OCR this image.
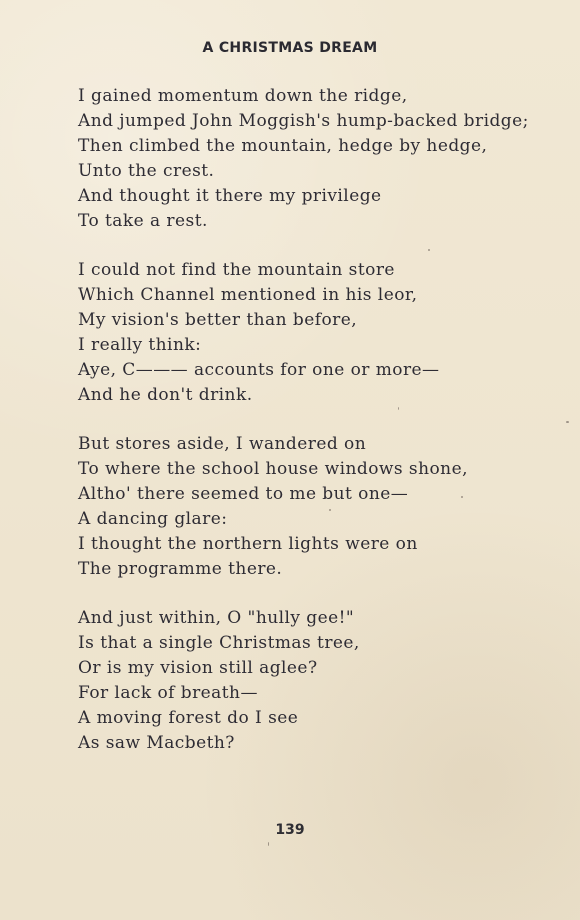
A CHRISTMAS DREAM
I gained momentum down the ridge,
And jumped John Moggish's hump-backed bridge;
Then climbed the mountain, hedge by hedge,
Unto the crest.
And thought it there my privilege
To take a rest.
I could not find the mountain store
Which Channel mentioned in his leor,
My vision's better than before,
I really think:
Aye, C——— accounts for one or more—
And he don't drink.
But stores aside, I wandered on
To where the school house windows shone,
Altho' there seemed to me but one—
A dancing glare:
I thought the northern lights were on
The programme there.
And just within, O "hully gee!"
Is that a single Christmas tree,
Or is my vision still aglee?
For lack of breath—
A moving forest do I see
As saw Macbeth?
139
